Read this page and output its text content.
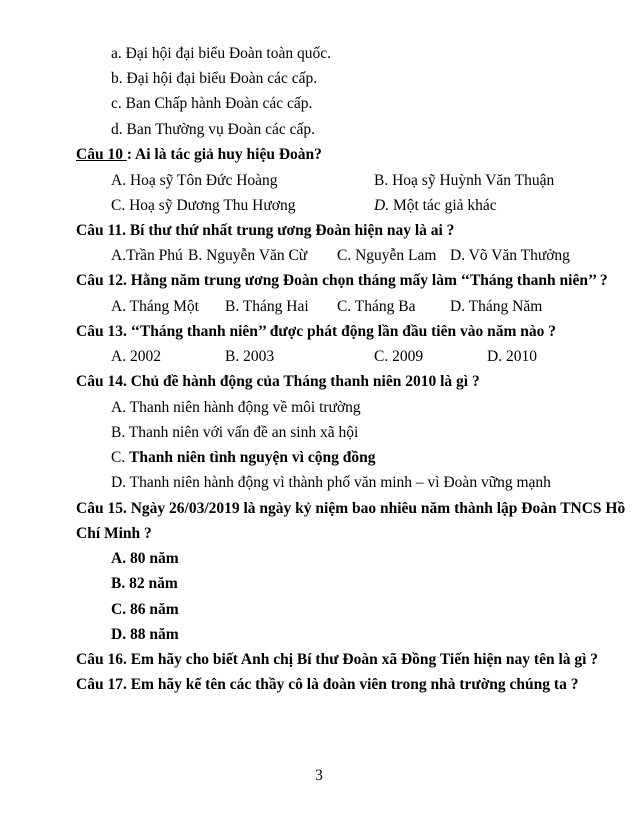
a. Đại hội đại biểu Đoàn toàn quốc.
b. Đại hội đại biểu Đoàn các cấp.
c. Ban Chấp hành Đoàn các cấp.
d. Ban Thường vụ Đoàn các cấp.
Câu 10 : Ai là tác giả huy hiệu Đoàn?
A. Hoạ sỹ Tôn Đức Hoàng	B. Hoạ sỹ Huỳnh Văn Thuận
C. Hoạ sỹ Dương Thu Hương	D. Một tác giả khác
Câu 11. Bí thư thứ nhất trung ương Đoàn hiện nay là ai ?
A.Trần Phú B. Nguyễn Văn Cừ C. Nguyễn Lam D. Võ Văn Thưởng
Câu 12. Hằng năm trung ương Đoàn chọn tháng mấy làm ‘‘Tháng thanh niên’’ ?
A. Tháng Một B. Tháng Hai C. Tháng Ba D. Tháng Năm
Câu 13. ‘‘Tháng thanh niên’’ được phát động lần đầu tiên vào năm nào ?
A. 2002	B. 2003	C. 2009	D. 2010
Câu 14. Chủ đề hành động của Tháng thanh niên 2010 là gì ?
A. Thanh niên hành động về môi trường
B. Thanh niên với vấn đề an sinh xã hội
C. Thanh niên tình nguyện vì cộng đồng
D. Thanh niên hành động vì thành phố văn minh – vì Đoàn vững mạnh
Câu 15. Ngày 26/03/2019 là ngày kỷ niệm bao nhiêu năm thành lập Đoàn TNCS Hồ
Chí Minh ?
A. 80 năm
B. 82 năm
C. 86 năm
D. 88 năm
Câu 16. Em hãy cho biết Anh chị Bí thư Đoàn xã Đồng Tiến hiện nay tên là gì ?
Câu 17. Em hãy kể tên các thầy cô là đoàn viên trong nhà trường chúng ta ?
3
